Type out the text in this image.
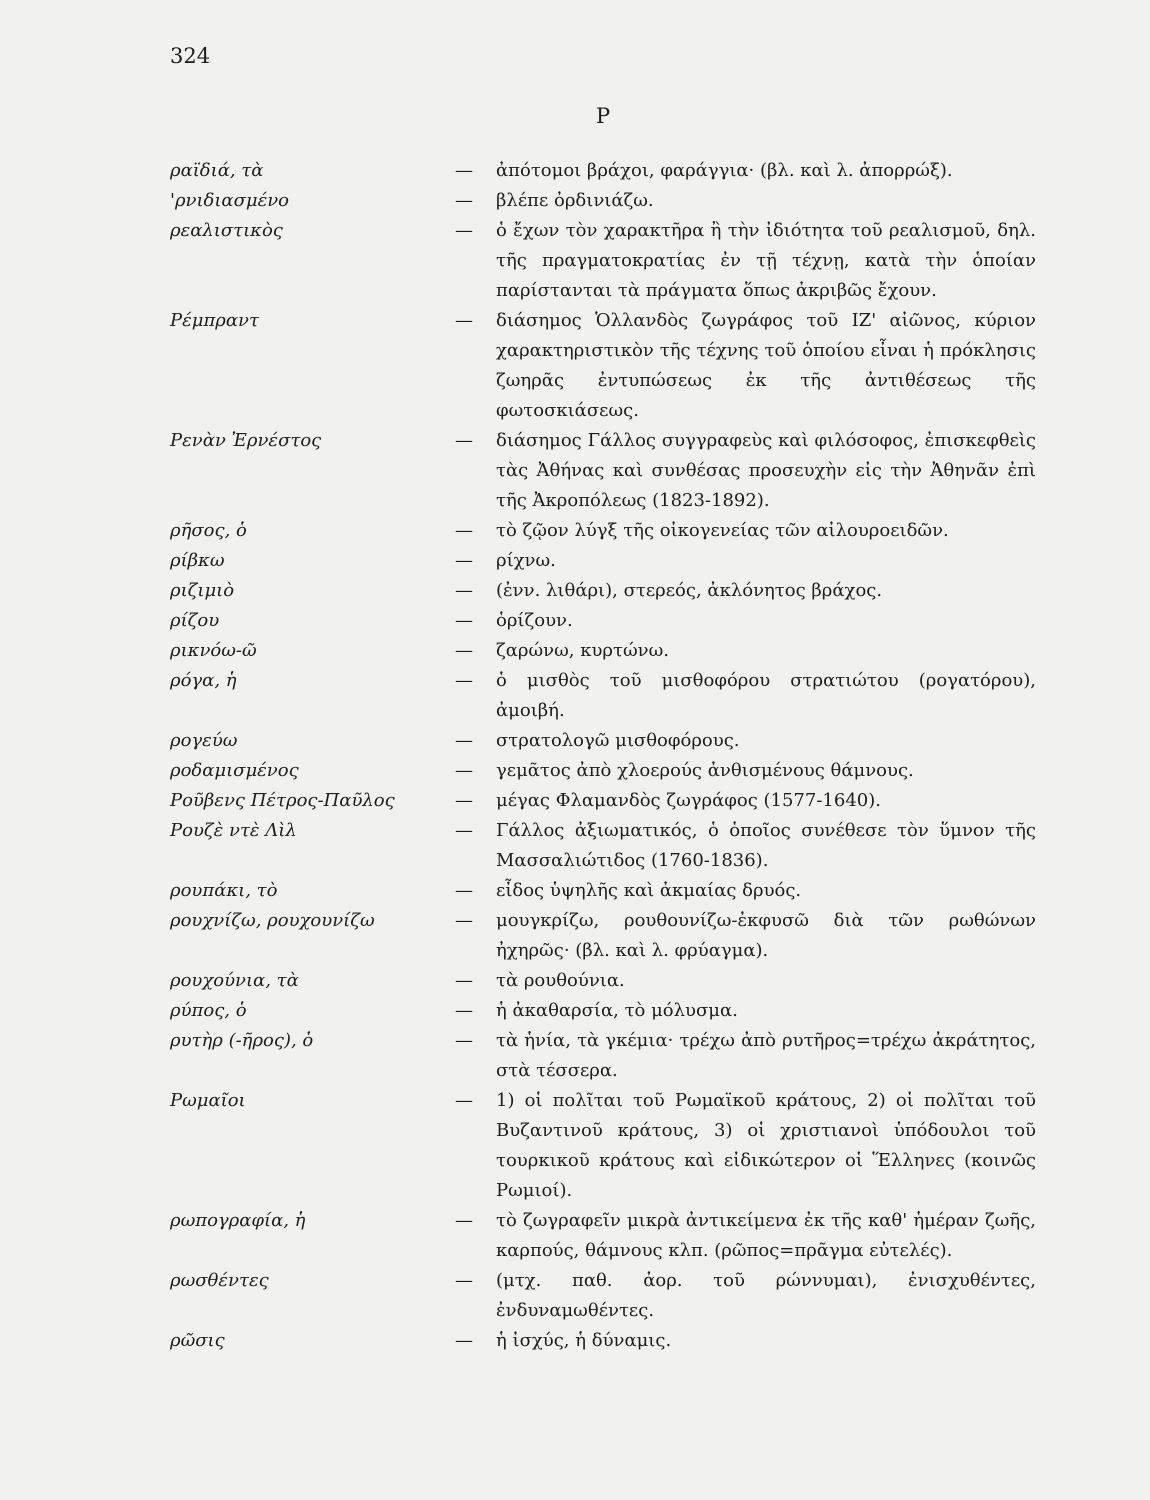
324
Ρ
ραϊδιά, τὰ	— ἀπότομοι βράχοι, φαράγγια· (βλ. καὶ λ. ἀπορρώξ).
'ρνιδιασμένο	— βλέπε ὀρδινιάζω.
ρεαλιστικὸς	— ὁ ἔχων τὸν χαρακτῆρα ἢ τὴν ἰδιότητα τοῦ ρεαλισμοῦ, δηλ. τῆς πραγματοκρατίας ἐν τῇ τέχνῃ, κατὰ τὴν ὁποίαν παρίστανται τὰ πράγματα ὅπως ἀκριβῶς ἔχουν.
Ρέμπραντ	— διάσημος Ὁλλανδὸς ζωγράφος τοῦ ΙΖ' αἰῶνος, κύριον χαρακτηριστικὸν τῆς τέχνης τοῦ ὁποίου εἶναι ἡ πρόκλησις ζωηρᾶς ἐντυπώσεως ἐκ τῆς ἀντιθέσεως τῆς φωτοσκιάσεως.
Ρενὰν Ἐρνέστος	— διάσημος Γάλλος συγγραφεὺς καὶ φιλόσοφος, ἐπισκεφθεὶς τὰς Ἀθήνας καὶ συνθέσας προσευχὴν εἰς τὴν Ἀθηνᾶν ἐπὶ τῆς Ἀκροπόλεως (1823-1892).
ρῆσος, ὁ	— τὸ ζῷον λύγξ τῆς οἰκογενείας τῶν αἰλουροειδῶν.
ρίβκω	— ρίχνω.
ριζιμιὸ	— (ἐνν. λιθάρι), στερεός, ἀκλόνητος βράχος.
ρίζου	— ὁρίζουν.
ρικνόω-ῶ	— ζαρώνω, κυρτώνω.
ρόγα, ἡ	— ὁ μισθὸς τοῦ μισθοφόρου στρατιώτου (ρογατόρου), ἀμοιβή.
ρογεύω	— στρατολογῶ μισθοφόρους.
ροδαμισμένος	— γεμᾶτος ἀπὸ χλοερούς ἀνθισμένους θάμνους.
Ροῦβενς Πέτρος-Παῦλος	— μέγας Φλαμανδὸς ζωγράφος (1577-1640).
Ρουζὲ ντὲ Λὶλ	— Γάλλος ἀξιωματικός, ὁ ὁποῖος συνέθεσε τὸν ὕμνον τῆς Μασσαλιώτιδος (1760-1836).
ρουπάκι, τὸ	— εἶδος ὑψηλῆς καὶ ἀκμαίας δρυός.
ρουχνίζω, ρουχουνίζω	— μουγκρίζω, ρουθουνίζω-ἐκφυσῶ διὰ τῶν ρωθώνων ἠχηρῶς· (βλ. καὶ λ. φρύαγμα).
ρουχούνια, τὰ	— τὰ ρουθούνια.
ρύπος, ὁ	— ἡ ἀκαθαρσία, τὸ μόλυσμα.
ρυτὴρ (-ῆρος), ὁ	— τὰ ἡνία, τὰ γκέμια· τρέχω ἀπὸ ρυτῆρος=τρέχω ἀκράτητος, στὰ τέσσερα.
Ρωμαῖοι	— 1) οἱ πολῖται τοῦ Ρωμαϊκοῦ κράτους, 2) οἱ πολῖται τοῦ Βυζαντινοῦ κράτους, 3) οἱ χριστιανοὶ ὑπόδουλοι τοῦ τουρκικοῦ κράτους καὶ εἰδικώτερον οἱ Ἕλληνες (κοινῶς Ρωμιοί).
ρωπογραφία, ἡ	— τὸ ζωγραφεῖν μικρὰ ἀντικείμενα ἐκ τῆς καθ' ἡμέραν ζωῆς, καρπούς, θάμνους κλπ. (ρῶπος=πρᾶγμα εὐτελές).
ρωσθέντες	— (μτχ. παθ. ἀορ. τοῦ ρώννυμαι), ἐνισχυθέντες, ἐνδυναμωθέντες.
ρῶσις	— ἡ ἰσχύς, ἡ δύναμις.
